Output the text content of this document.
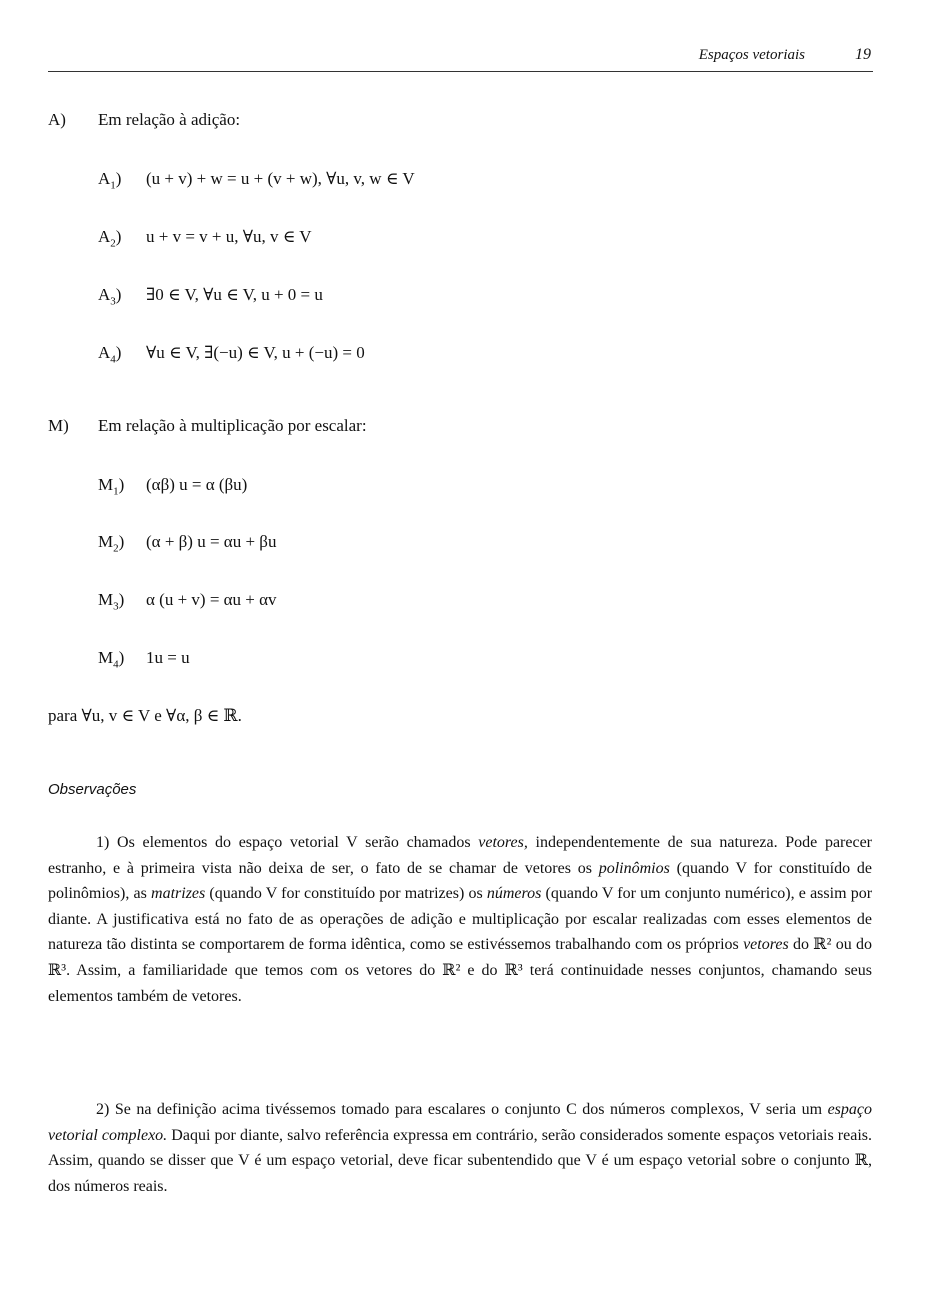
Espaços vetoriais	19
A) Em relação à adição:
$A_1$) (u + v) + w = u + (v + w), ∀u, v, w ∈ V
$A_2$) u + v = v + u, ∀u, v ∈ V
$A_3$) ∃0 ∈ V, ∀u ∈ V, u + 0 = u
$A_4$) ∀u ∈ V, ∃(−u) ∈ V, u + (−u) = 0
M) Em relação à multiplicação por escalar:
$M_1$) (αβ) u = α (βu)
$M_2$) (α + β) u = αu + βu
$M_3$) α (u + v) = αu + αv
$M_4$) 1u = u
para ∀u, v ∈ V e ∀α, β ∈ ℝ.
Observações

1) Os elementos do espaço vetorial V serão chamados vetores, independentemente de sua natureza. Pode parecer estranho, e à primeira vista não deixa de ser, o fato de se chamar de vetores os polinômios (quando V for constituído de polinômios), as matrizes (quando V for constituído por matrizes) os números (quando V for um conjunto numérico), e assim por diante. A justificativa está no fato de as operações de adição e multiplicação por escalar realizadas com esses elementos de natureza tão distinta se comportarem de forma idêntica, como se estivéssemos trabalhando com os próprios vetores do ℝ² ou do ℝ³. Assim, a familiaridade que temos com os vetores do ℝ² e do ℝ³ terá continuidade nesses conjuntos, chamando seus elementos também de vetores.

2) Se na definição acima tivéssemos tomado para escalares o conjunto C dos números complexos, V seria um espaço vetorial complexo. Daqui por diante, salvo referência expressa em contrário, serão considerados somente espaços vetoriais reais. Assim, quando se disser que V é um espaço vetorial, deve ficar subentendido que V é um espaço vetorial sobre o conjunto ℝ, dos números reais.
